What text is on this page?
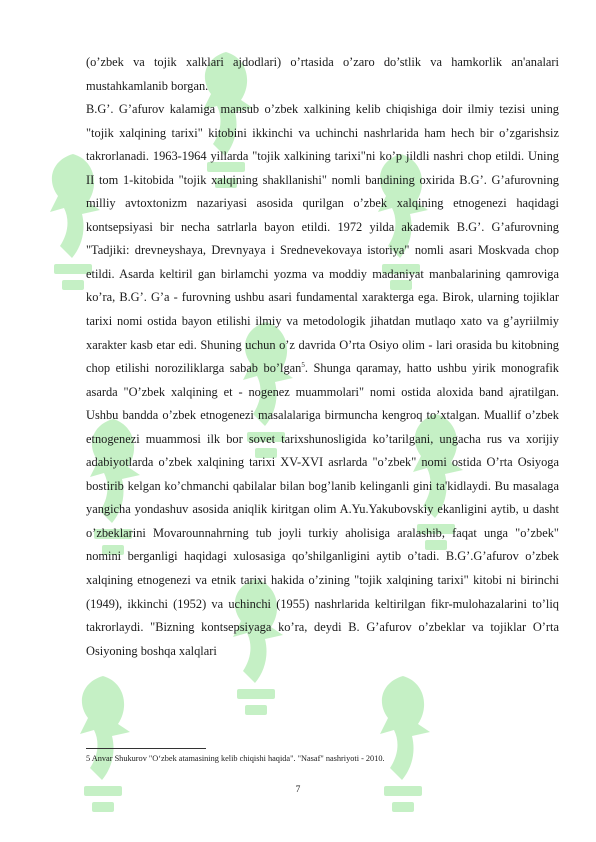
(o’zbek va tojik xalklari ajdodlari) o’rtasida o’zaro do’stlik va hamkorlik an'analari mustahkamlanib borgan.

B.G’. G’afurov kalamiga mansub o’zbek xalkining kelib chiqishiga doir ilmiy tezisi uning "tojik xalqining tarixi" kitobini ikkinchi va uchinchi nashrlarida ham hech bir o’zgarishsiz takrorlanadi. 1963-1964 yillarda "tojik xalkining tarixi"ni ko’p jildli nashri chop etildi. Uning II tom 1-kitobida "tojik xalqining shakllanishi" nomli bandining oxirida B.G’. G’afurovning milliy avtoxtonizm nazariyasi asosida qurilgan o’zbek xalqining etnogenezi haqidagi kontsepsiyasi bir necha satrlarla bayon etildi. 1972 yilda akademik B.G’. G’afurovning "Tadjiki: drevneyshaya, Drevnyaya i Srednevekovaya istoriya" nomli asari Moskvada chop etildi. Asarda keltiril gan birlamchi yozma va moddiy madaniyat manbalarining qamroviga ko’ra, B.G’. G’a - furovning ushbu asari fundamental xarakterga ega. Birok, ularning tojiklar tarixi nomi ostida bayon etilishi ilmiy va metodologik jihatdan mutlaqo xato va g’ayriilmiy xarakter kasb etar edi. Shuning uchun o’z davrida O’rta Osiyo olim - lari orasida bu kitobning chop etilishi noroziliklarga sabab bo’lgan$^5$. Shunga qaramay, hatto ushbu yirik monografik asarda "O’zbek xalqining et - nogenez muammolari" nomi ostida aloxida band ajratilgan. Ushbu bandda o’zbek etnogenezi masalalariga birmuncha kengroq to’xtalgan. Muallif o’zbek etnogenezi muammosi ilk bor sovet tarixshunosligida ko’tarilgani, ungacha rus va xorijiy adabiyotlarda o’zbek xalqining tarixi XV-XVI asrlarda "o’zbek" nomi ostida O’rta Osiyoga bostirib kelgan ko’chmanchi qabilalar bilan bog’lanib kelinganli gini ta'kidlaydi. Bu masalaga yangicha yondashuv asosida aniqlik kiritgan olim A.Yu.Yakubovskiy ekanligini aytib, u dasht o’zbeklarini Movarounnahrning tub joyli turkiy aholisiga aralashib, faqat unga "o’zbek" nomini berganligi haqidagi xulosasiga qo’shilganligini aytib o’tadi. B.G’.G’afurov o’zbek xalqining etnogenezi va etnik tarixi hakida o’zining "tojik xalqining tarixi" kitobi ni birinchi (1949), ikkinchi (1952) va uchinchi (1955) nashrlarida keltirilgan fikr-mulohazalarini to’liq takrorlaydi. "Bizning kontsepsiyaga ko’ra, deydi B. G’afurov o’zbeklar va tojiklar O’rta Osiyoning boshqa xalqlari

5 Anvar Shukurov "O‘zbek atamasining kelib chiqishi haqida". "Nasaf" nashriyoti - 2010.
7
